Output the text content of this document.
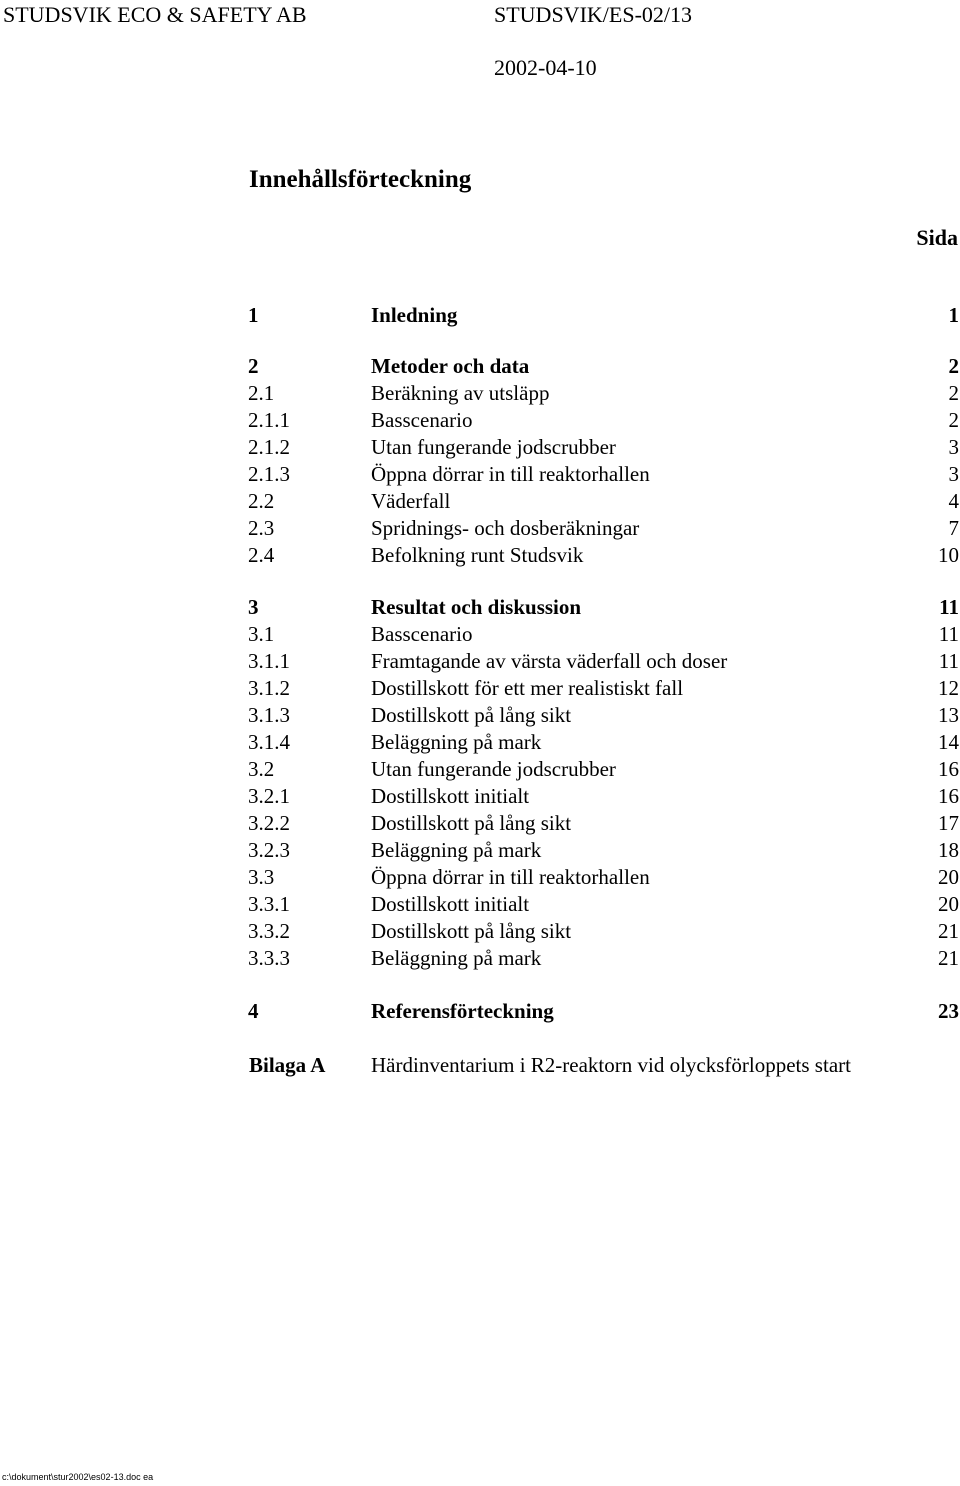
STUDSVIK ECO & SAFETY AB	STUDSVIK/ES-02/13
2002-04-10
Innehållsförteckning
Sida
1	Inledning	1
2	Metoder och data	2
2.1	Beräkning av utsläpp	2
2.1.1	Basscenario	2
2.1.2	Utan fungerande jodscrubber	3
2.1.3	Öppna dörrar in till reaktorhallen	3
2.2	Väderfall	4
2.3	Spridnings- och dosberäkningar	7
2.4	Befolkning runt Studsvik	10
3	Resultat och diskussion	11
3.1	Basscenario	11
3.1.1	Framtagande av värsta väderfall och doser	11
3.1.2	Dostillskott för ett mer realistiskt fall	12
3.1.3	Dostillskott på lång sikt	13
3.1.4	Beläggning på mark	14
3.2	Utan fungerande jodscrubber	16
3.2.1	Dostillskott initialt	16
3.2.2	Dostillskott på lång sikt	17
3.2.3	Beläggning på mark	18
3.3	Öppna dörrar in till reaktorhallen	20
3.3.1	Dostillskott initialt	20
3.3.2	Dostillskott på lång sikt	21
3.3.3	Beläggning på mark	21
4	Referensförteckning	23
Bilaga A Härdinventarium i R2-reaktorn vid olycksförloppets start
c:\dokument\stur2002\es02-13.doc ea
